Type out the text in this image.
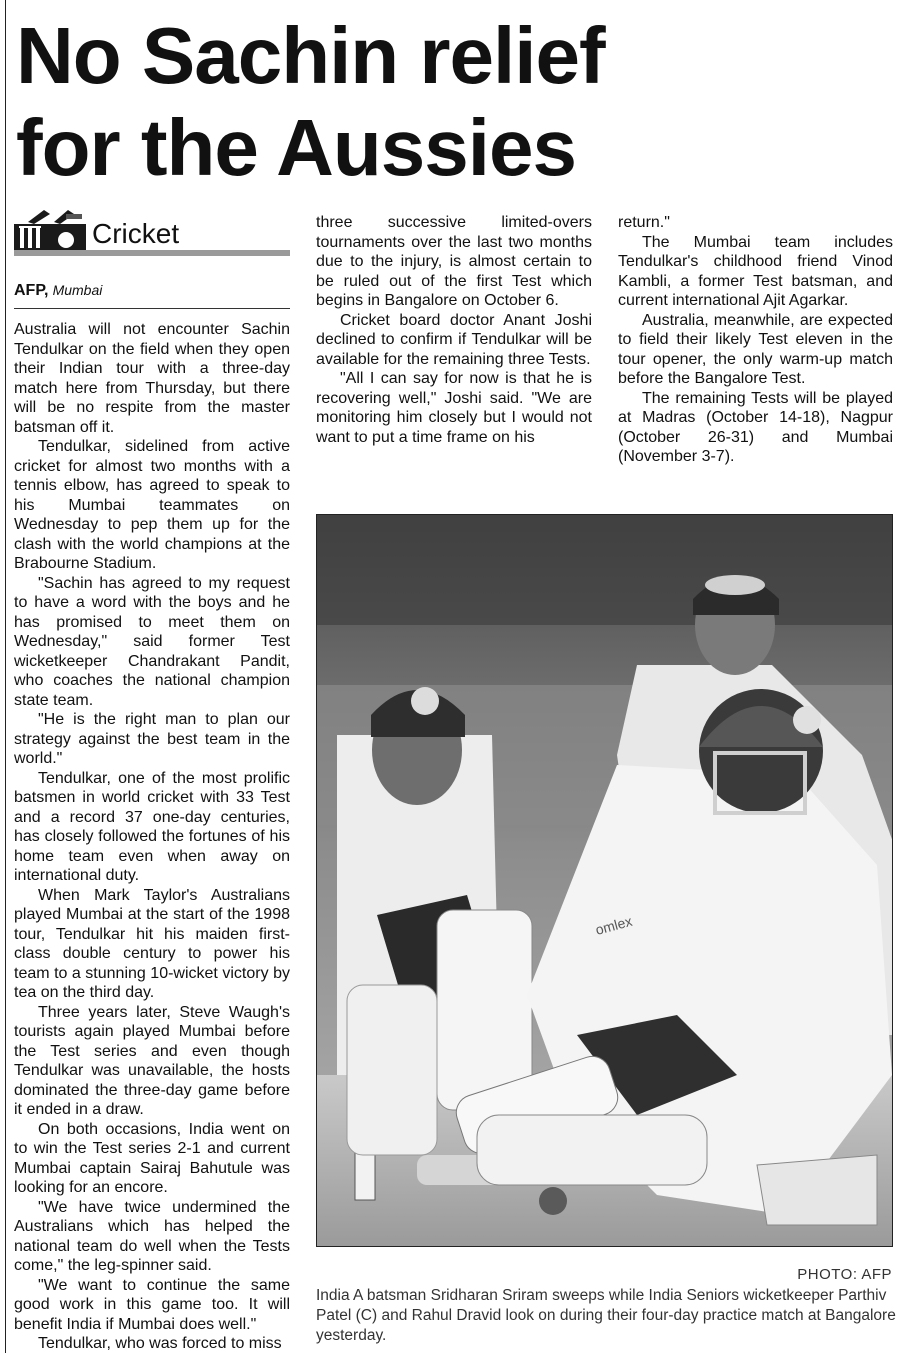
No Sachin relief
for the Aussies
Cricket
AFP, Mumbai

Australia will not encounter Sachin Tendulkar on the field when they open their Indian tour with a three-day match here from Thursday, but there will be no respite from the master batsman off it.

Tendulkar, sidelined from active cricket for almost two months with a tennis elbow, has agreed to speak to his Mumbai teammates on Wednesday to pep them up for the clash with the world champions at the Brabourne Stadium.

"Sachin has agreed to my request to have a word with the boys and he has promised to meet them on Wednesday," said former Test wicketkeeper Chandrakant Pandit, who coaches the national champion state team.

"He is the right man to plan our strategy against the best team in the world."

Tendulkar, one of the most prolific batsmen in world cricket with 33 Test and a record 37 one-day centuries, has closely followed the fortunes of his home team even when away on international duty.

When Mark Taylor's Australians played Mumbai at the start of the 1998 tour, Tendulkar hit his maiden first-class double century to power his team to a stunning 10-wicket victory by tea on the third day.

Three years later, Steve Waugh's tourists again played Mumbai before the Test series and even though Tendulkar was unavailable, the hosts dominated the three-day game before it ended in a draw.

On both occasions, India went on to win the Test series 2-1 and current Mumbai captain Sairaj Bahutule was looking for an encore.

"We have twice undermined the Australians which has helped the national team do well when the Tests come," the leg-spinner said.

"We want to continue the same good work in this game too. It will benefit India if Mumbai does well."

Tendulkar, who was forced to miss

three successive limited-overs tournaments over the last two months due to the injury, is almost certain to be ruled out of the first Test which begins in Bangalore on October 6.

Cricket board doctor Anant Joshi declined to confirm if Tendulkar will be available for the remaining three Tests.

"All I can say for now is that he is recovering well," Joshi said. "We are monitoring him closely but I would not want to put a time frame on his

return."

The Mumbai team includes Tendulkar's childhood friend Vinod Kambli, a former Test batsman, and current international Ajit Agarkar.

Australia, meanwhile, are expected to field their likely Test eleven in the tour opener, the only warm-up match before the Bangalore Test.

The remaining Tests will be played at Madras (October 14-18), Nagpur (October 26-31) and Mumbai (November 3-7).

omlex
PHOTO: AFP
India A batsman Sridharan Sriram sweeps while India Seniors wicketkeeper Parthiv Patel (C) and Rahul Dravid look on during their four-day practice match at Bangalore yesterday.
